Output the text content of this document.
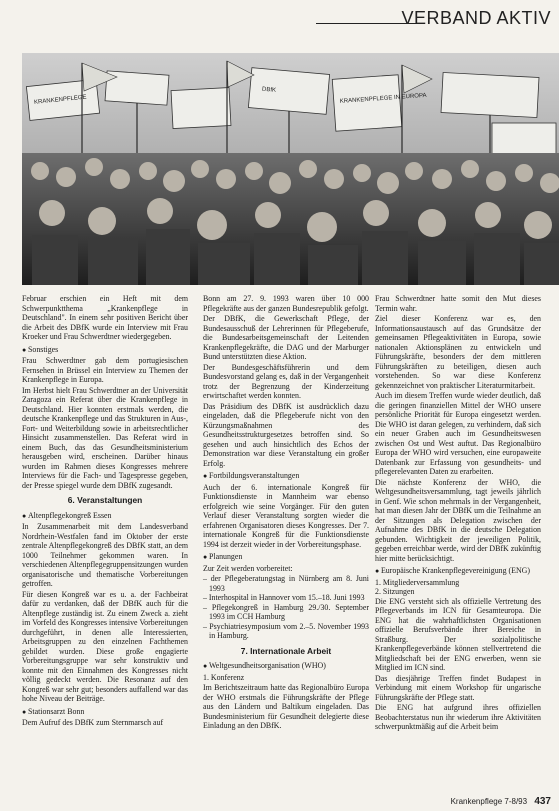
VERBAND AKTIV
KRANKENPFLEGE
DBfK
KRANKENPFLEGE IN EUROPA

Februar erschien ein Heft mit dem Schwerpunktthema „Krankenpflege in Deutschland". In einem sehr positiven Bericht über die Arbeit des DBfK wurde ein Interview mit Frau Kroeker und Frau Schwerdtner wiedergegeben.

● Sonstiges

Frau Schwerdtner gab dem portugiesischen Fernsehen in Brüssel ein Interview zu Themen der Krankenpflege in Europa.

Im Herbst hielt Frau Schwerdtner an der Universität Zaragoza ein Referat über die Krankenpflege in Deutschland. Hier konnten erstmals werden, die deutsche Krankenpflege und das Strukturen in Aus-, Fort- und Weiterbildung sowie in arbeitsrechtlicher Hinsicht zusammenstellen. Das Referat wird in einem Buch, das das Gesundheitsministerium herausgeben wird, erscheinen. Darüber hinaus wurden im Rahmen dieses Kongresses mehrere Interviews für die Fach- und Tagespresse gegeben, der Presse spiegel wurde dem DBfK zugesandt.

6. Veranstaltungen

● Altenpflegekongreß Essen

In Zusammenarbeit mit dem Landesverband Nordrhein-Westfalen fand im Oktober der erste zentrale Altenpflegekongreß des DBfK statt, an dem 1000 Teilnehmer gekommen waren. In verschiedenen Altenpflegegruppensitzungen wurden organisatorische und thematische Vorbereitungen getroffen.

Für diesen Kongreß war es u. a. der Fachbeirat dafür zu verdanken, daß der DBfK auch für die Altenpflege zuständig ist. Zu einem Zweck a. zieht im Vorfeld des Kongresses intensive Vorbereitungen durchgeführt, in denen alle Interessierten, Arbeitsgruppen zu den einzelnen Fachthemen gebildet wurden. Diese große engagierte Vorbereitungsgruppe war sehr konstruktiv und konnte mit den Einnahmen des Kongresses nicht völlig gedeckt werden. Die Resonanz auf den Kongreß war sehr gut; besonders auffallend war das hohe Niveau der Beiträge.

● Stationsarzt Bonn

Dem Aufruf des DBfK zum Sternmarsch auf

Bonn am 27. 9. 1993 waren über 10 000 Pflegekräfte aus der ganzen Bundesrepublik gefolgt.

Der DBfK, die Gewerkschaft Pflege, der Bundesausschuß der Lehrerinnen für Pflegeberufe, die Bundesarbeitsgemeinschaft der Leitenden Krankenpflegekräfte, die DAG und der Marburger Bund unterstützten diese Aktion.

Der Bundesgeschäftsführerin und dem Bundesvorstand gelang es, daß in der Vergangenheit trotz der Begrenzung der Kinderzeitung erwirtschaftet werden konnten.

Das Präsidium des DBfK ist ausdrücklich dazu eingeladen, daß die Pflegeberufe nicht von den Kürzungsmaßnahmen des Gesundheitsstrukturgesetzes betroffen sind. So gesehen und auch hinsichtlich des Echos der Demonstration war diese Veranstaltung ein großer Erfolg.

● Fortbildungsveranstaltungen

Auch der 6. internationale Kongreß für Funktionsdienste in Mannheim war ebenso erfolgreich wie seine Vorgänger. Für den guten Verlauf dieser Veranstaltung sorgten wieder die erfahrenen Organisatoren dieses Kongresses. Der 7. internationale Kongreß für die Funktionsdienste 1994 ist derzeit wieder in der Vorbereitungsphase.

● Planungen

Zur Zeit werden vorbereitet:

– der Pflegeberatungstag in Nürnberg am 8. Juni 1993
– Interhospital in Hannover vom 15.–18. Juni 1993
– Pflegekongreß in Hamburg 29./30. September 1993 im CCH Hamburg
– Psychiatriesymposium vom 2.–5. November 1993 in Hamburg.
7. Internationale Arbeit

● Weltgesundheitsorganisation (WHO)

1. Konferenz

Im Berichtszeitraum hatte das Regionalbüro Europa der WHO erstmals die Führungskräfte der Pflege aus den Ländern und Baltikum eingeladen. Das Bundesministerium für Gesundheit delegierte diese Einladung an den DBfK.

Frau Schwerdtner hatte somit den Mut dieses Termin wahr.

Ziel dieser Konferenz war es, den Informationsaustausch auf das Grundsätze der gemeinsamen Pflegeaktivitäten in Europa, sowie nationalen Aktionsplänen zu entwickeln und Führungskräfte, besonders der dem mittleren Führungskräften zu beteiligen, diesen auch vorstehenden. So war diese Konferenz gekennzeichnet von praktischer Literaturmitarbeit.

Auch im diesem Treffen wurde wieder deutlich, daß die geringen finanziellen Mittel der WHO unsere persönliche Priorität für Europa eingesetzt werden. Die WHO ist daran gelegen, zu verhindern, daß sich ein neuer Graben auch im Gesundheitswesen zwischen Ost und West auftut. Das Regionalbüro Europa der WHO wird versuchen, eine europaweite Datenbank zur Erfassung von gesundheits- und pflegerelevanten Daten zu erarbeiten.

Die nächste Konferenz der WHO, die Weltgesundheitsversammlung, tagt jeweils jährlich in Genf. Wie schon mehrmals in der Vergangenheit, hat man diesen Jahr der DBfK um die Teilnahme an der Sitzungen als Delegation zwischen der Aufnahme des DBfK in die deutsche Delegation gebunden. Wichtigkeit der jeweiligen Politik, gegeben erreichbar werde, wird der DBfK zukünftig hier mitte berücksichtigt.

● Europäische Krankenpflegevereinigung (ENG)

1. Mitgliederversammlung
2. Sitzungen

Die ENG versteht sich als offizielle Vertretung des Pflegeverbands im ICN für Gesamteuropa. Die ENG hat die wahrhaftlichsten Organisationen offizielle Berufsverbände ihrer Bereiche in Straßburg. Der sozialpolitische Krankenpflegeverbände können stellvertretend die Mitgliedschaft bei der ENG erwerben, wenn sie Mitglied im ICN sind.

Das diesjährige Treffen findet Budapest in Verbindung mit einem Workshop für ungarische Führungskräfte der Pflege statt.

Die ENG hat aufgrund ihres offiziellen Beobachterstatus nun ihr wiederum ihre Aktivitäten schwerpunktmäßig auf die Arbeit beim

Krankenpflege 7-8/93 437
